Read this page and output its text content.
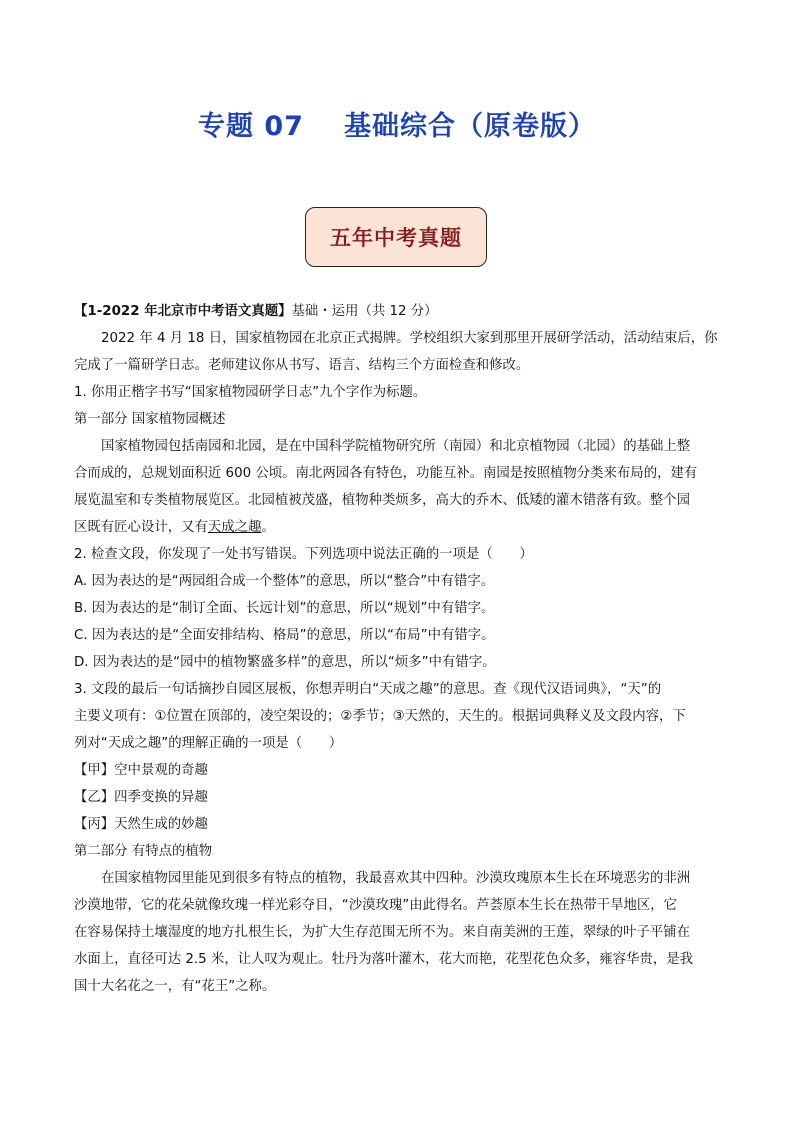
专题 07 基础综合（原卷版）
五年中考真题
【1-2022 年北京市中考语文真题】基础・运用（共 12 分）
2022 年 4 月 18 日，国家植物园在北京正式揭牌。学校组织大家到那里开展研学活动，活动结束后，你
完成了一篇研学日志。老师建议你从书写、语言、结构三个方面检查和修改。
1. 你用正楷字书写“国家植物园研学日志”九个字作为标题。
第一部分 国家植物园概述
国家植物园包括南园和北园，是在中国科学院植物研究所（南园）和北京植物园（北园）的基础上整
合而成的，总规划面积近 600 公顷。南北两园各有特色，功能互补。南园是按照植物分类来布局的，建有
展览温室和专类植物展览区。北园植被茂盛，植物种类烦多，高大的乔木、低矮的灌木错落有致。整个园
区既有匠心设计，又有天成之趣。
2. 检查文段，你发现了一处书写错误。下列选项中说法正确的一项是（　　）
A. 因为表达的是“两园组合成一个整体”的意思，所以“整合”中有错字。
B. 因为表达的是“制订全面、长远计划”的意思，所以“规划”中有错字。
C. 因为表达的是“全面安排结构、格局”的意思，所以“布局”中有错字。
D. 因为表达的是“园中的植物繁盛多样”的意思，所以“烦多”中有错字。
3. 文段的最后一句话摘抄自园区展板，你想弄明白“天成之趣”的意思。查《现代汉语词典》，“天”的
主要义项有：①位置在顶部的，凌空架设的；②季节；③天然的，天生的。根据词典释义及文段内容，下
列对“天成之趣”的理解正确的一项是（　　）
【甲】空中景观的奇趣
【乙】四季变换的异趣
【丙】天然生成的妙趣
第二部分 有特点的植物
在国家植物园里能见到很多有特点的植物，我最喜欢其中四种。沙漠玫瑰原本生长在环境恶劣的非洲
沙漠地带，它的花朵就像玫瑰一样光彩夺目，“沙漠玫瑰”由此得名。芦荟原本生长在热带干旱地区，它
在容易保持土壤湿度的地方扎根生长，为扩大生存范围无所不为。来自南美洲的王莲，翠绿的叶子平铺在
水面上，直径可达 2.5 米，让人叹为观止。牡丹为落叶灌木，花大而艳，花型花色众多，雍容华贵，是我
国十大名花之一，有“花王”之称。
